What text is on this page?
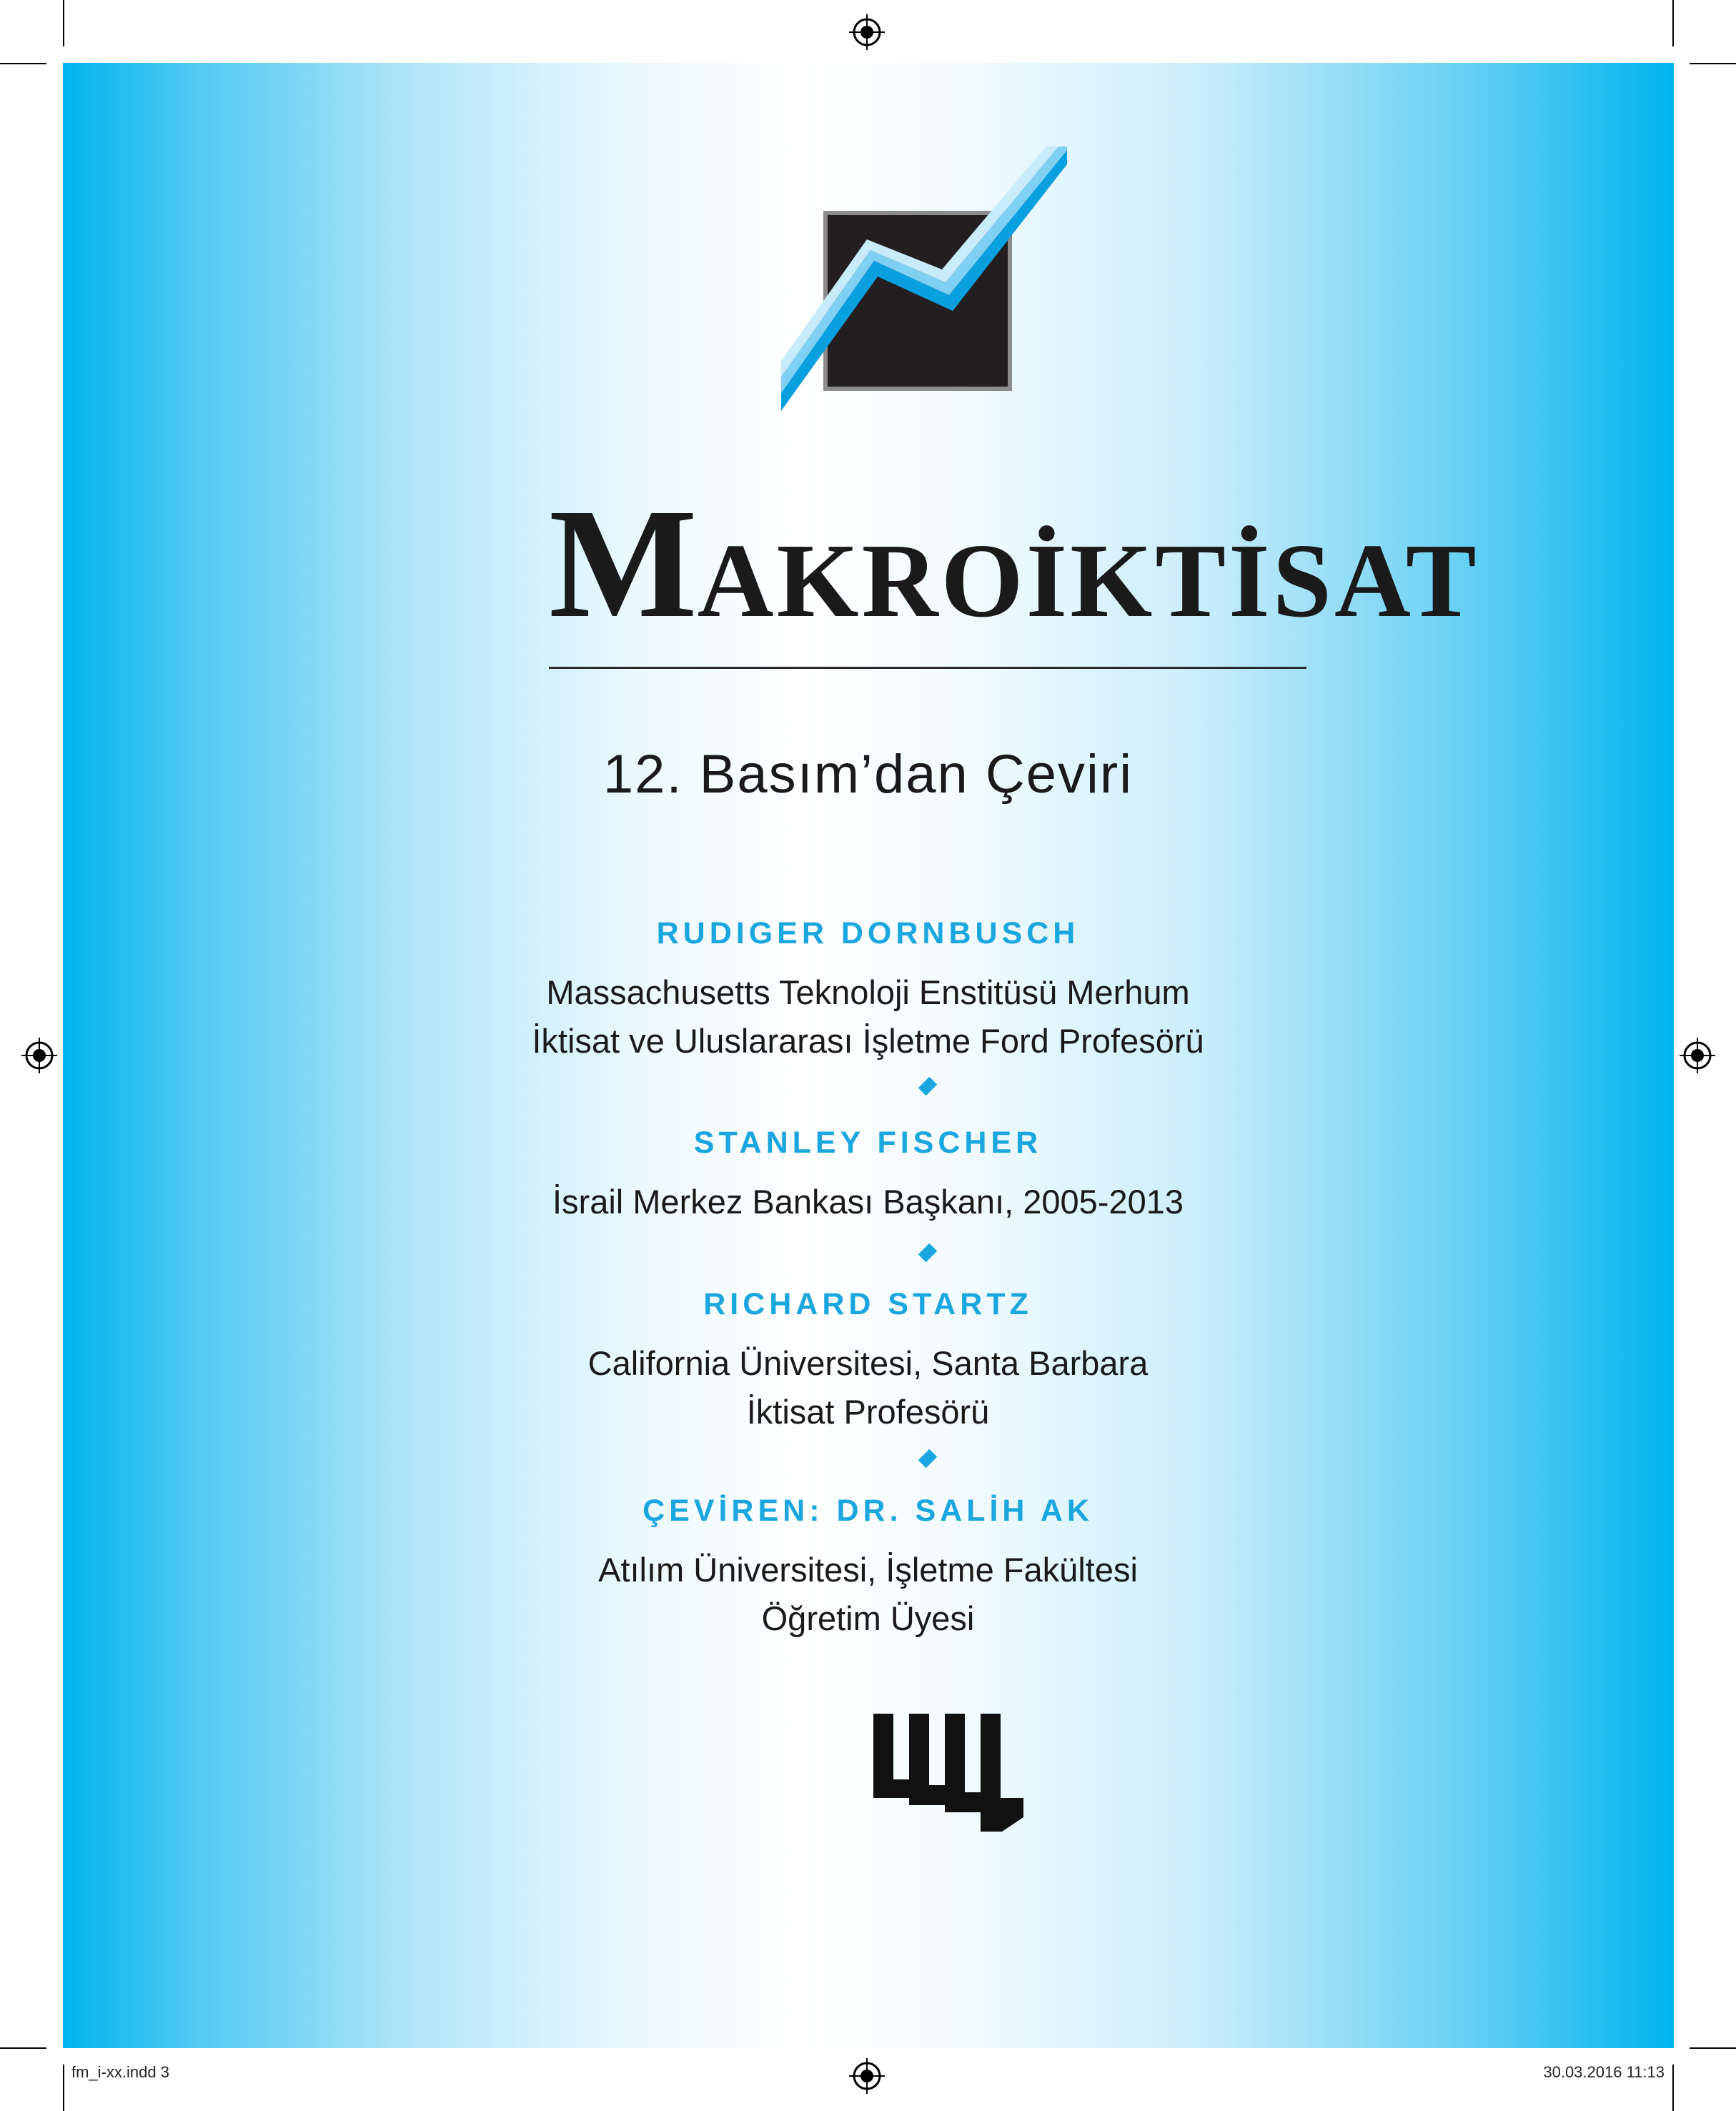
MAKROİKTİSAT
12. Basım’dan Çeviri
RUDIGER DORNBUSCH
Massachusetts Teknoloji Enstitüsü Merhum
İktisat ve Uluslararası İşletme Ford Profesörü
STANLEY FISCHER
İsrail Merkez Bankası Başkanı, 2005-2013
RICHARD STARTZ
California Üniversitesi, Santa Barbara
İktisat Profesörü
ÇEVİREN: DR. SALİH AK
Atılım Üniversitesi, İşletme Fakültesi
Öğretim Üyesi
fm_i-xx.indd 3	30.03.2016 11:13
